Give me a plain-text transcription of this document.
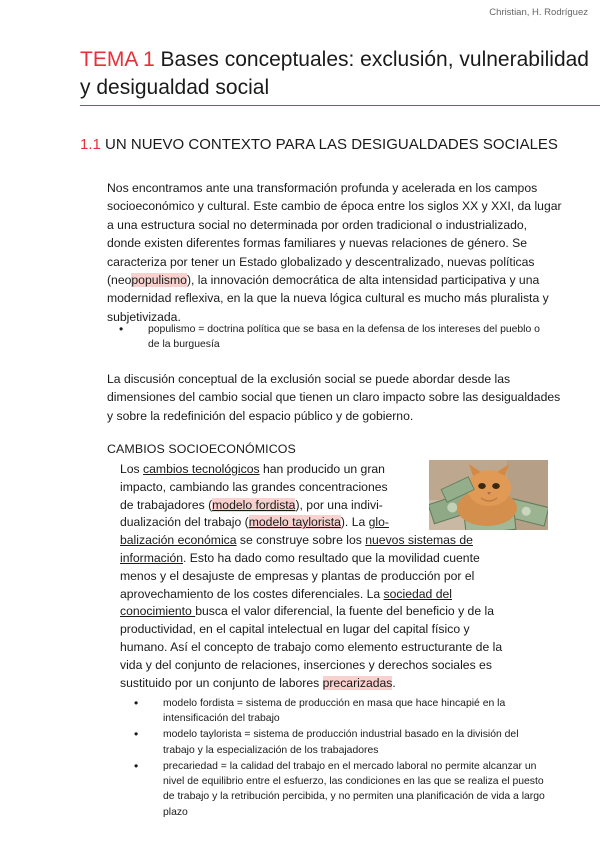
Christian, H. Rodríguez
TEMA 1 Bases conceptuales: exclusión, vulnerabilidad y desigualdad social
1.1 UN NUEVO CONTEXTO PARA LAS DESIGUALDADES SOCIALES

Nos encontramos ante una transformación profunda y acelerada en los campos socioeconómico y cultural. Este cambio de época entre los siglos XX y XXI, da lugar a una estructura social no determinada por orden tradicional o industrializado, donde existen diferentes formas familiares y nuevas relaciones de género. Se caracteriza por tener un Estado globalizado y descentralizado, nuevas políticas (neopopulismo), la innovación democrática de alta intensidad participativa y una modernidad reflexiva, en la que la nueva lógica cultural es mucho más pluralista y subjetivizada.

• populismo = doctrina política que se basa en la defensa de los intereses del pueblo o de la burguesía

La discusión conceptual de la exclusión social se puede abordar desde las dimensiones del cambio social que tienen un claro impacto sobre las desigualdades y sobre la redefinición del espacio público y de gobierno.

CAMBIOS SOCIOECONÓMICOS
Los cambios tecnológicos han producido un gran
impacto, cambiando las grandes concentraciones
de trabajadores (modelo fordista), por una indivi-
dualización del trabajo (modelo taylorista). La glo-
balización económica se construye sobre los nuevos sistemas de
información. Esto ha dado como resultado que la movilidad cuente
menos y el desajuste de empresas y plantas de producción por el
aprovechamiento de los costes diferenciales. La sociedad del
conocimiento busca el valor diferencial, la fuente del beneficio y de la
productividad, en el capital intelectual en lugar del capital físico y
humano. Así el concepto de trabajo como elemento estructurante de la
vida y del conjunto de relaciones, inserciones y derechos sociales es
sustituido por un conjunto de labores precarizadas.
• modelo fordista = sistema de producción en masa que hace hincapié en la intensificación del trabajo
• modelo taylorista = sistema de producción industrial basado en la división del trabajo y la especialización de los trabajadores
• precariedad = la calidad del trabajo en el mercado laboral no permite alcanzar un nivel de equilibrio entre el esfuerzo, las condiciones en las que se realiza el puesto de trabajo y la retribución percibida, y no permiten una planificación de vida a largo plazo
